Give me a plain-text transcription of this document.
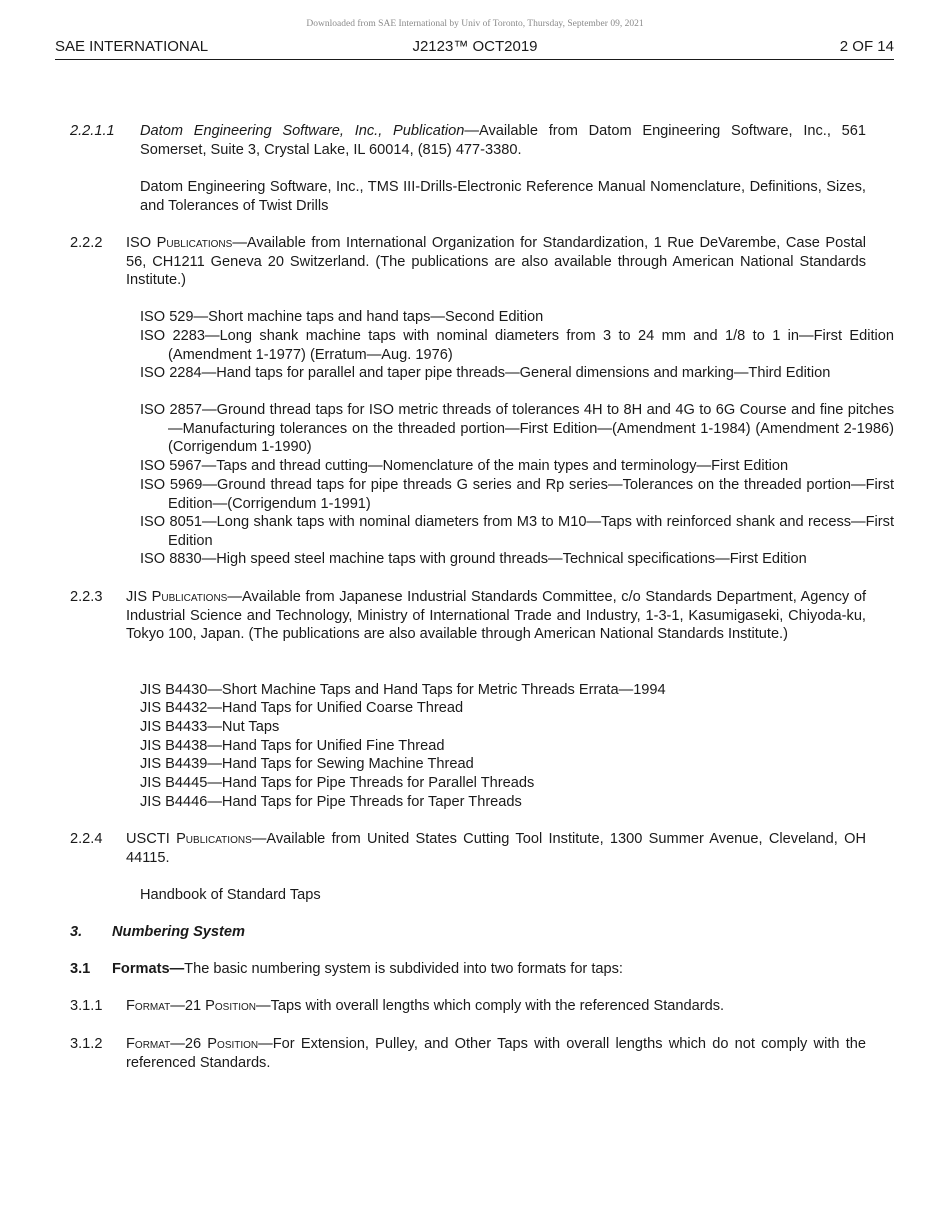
Downloaded from SAE International by Univ of Toronto, Thursday, September 09, 2021
SAE INTERNATIONAL	J2123™ OCT2019	2 OF 14
2.2.1.1 Datom Engineering Software, Inc., Publication—Available from Datom Engineering Software, Inc., 561 Somerset, Suite 3, Crystal Lake, IL 60014, (815) 477-3380.
Datom Engineering Software, Inc., TMS III-Drills-Electronic Reference Manual Nomenclature, Definitions, Sizes, and Tolerances of Twist Drills
2.2.2 ISO Publications—Available from International Organization for Standardization, 1 Rue DeVarembe, Case Postal 56, CH1211 Geneva 20 Switzerland. (The publications are also available through American National Standards Institute.)
ISO 529—Short machine taps and hand taps—Second Edition
ISO 2283—Long shank machine taps with nominal diameters from 3 to 24 mm and 1/8 to 1 in—First Edition (Amendment 1-1977) (Erratum—Aug. 1976)
ISO 2284—Hand taps for parallel and taper pipe threads—General dimensions and marking—Third Edition
ISO 2857—Ground thread taps for ISO metric threads of tolerances 4H to 8H and 4G to 6G Course and fine pitches—Manufacturing tolerances on the threaded portion—First Edition—(Amendment 1-1984) (Amendment 2-1986) (Corrigendum 1-1990)
ISO 5967—Taps and thread cutting—Nomenclature of the main types and terminology—First Edition
ISO 5969—Ground thread taps for pipe threads G series and Rp series—Tolerances on the threaded portion—First Edition—(Corrigendum 1-1991)
ISO 8051—Long shank taps with nominal diameters from M3 to M10—Taps with reinforced shank and recess—First Edition
ISO 8830—High speed steel machine taps with ground threads—Technical specifications—First Edition
2.2.3 JIS Publications—Available from Japanese Industrial Standards Committee, c/o Standards Department, Agency of Industrial Science and Technology, Ministry of International Trade and Industry, 1-3-1, Kasumigaseki, Chiyoda-ku, Tokyo 100, Japan. (The publications are also available through American National Standards Institute.)
JIS B4430—Short Machine Taps and Hand Taps for Metric Threads Errata—1994
JIS B4432—Hand Taps for Unified Coarse Thread
JIS B4433—Nut Taps
JIS B4438—Hand Taps for Unified Fine Thread
JIS B4439—Hand Taps for Sewing Machine Thread
JIS B4445—Hand Taps for Pipe Threads for Parallel Threads
JIS B4446—Hand Taps for Pipe Threads for Taper Threads
2.2.4 USCTI Publications—Available from United States Cutting Tool Institute, 1300 Summer Avenue, Cleveland, OH 44115.
Handbook of Standard Taps
3. Numbering System
3.1 Formats—The basic numbering system is subdivided into two formats for taps:
3.1.1 Format—21 Position—Taps with overall lengths which comply with the referenced Standards.
3.1.2 Format—26 Position—For Extension, Pulley, and Other Taps with overall lengths which do not comply with the referenced Standards.
